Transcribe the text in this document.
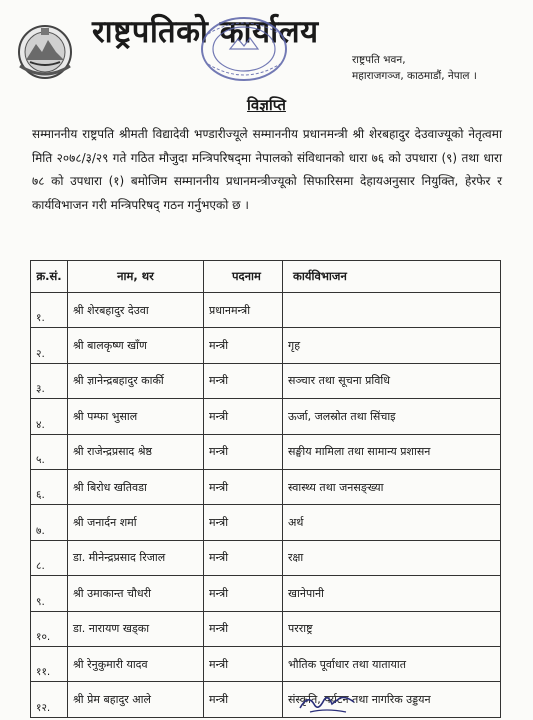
राष्ट्रपतिको कार्यालय
राष्ट्रपति भवन,
महाराजगञ्ज, काठमाडौं, नेपाल ।
विज्ञप्ति
सम्माननीय राष्ट्रपति श्रीमती विद्यादेवी भण्डारीज्यूले सम्माननीय प्रधानमन्त्री श्री शेरबहादुर देउवाज्यूको नेतृत्वमा मिति २०७८/३/२९ गते गठित मौजुदा मन्त्रिपरिषद्‌मा नेपालको संविधानको धारा ७६ को उपधारा (९) तथा धारा ७८ को उपधारा (१) बमोजिम सम्माननीय प्रधानमन्त्रीज्यूको सिफारिसमा देहायअनुसार नियुक्ति, हेरफेर र कार्यविभाजन गरी मन्त्रिपरिषद् गठन गर्नुभएको छ ।
क्र.सं.	नाम, थर	पदनाम	कार्यविभाजन
१.	श्री शेरबहादुर देउवा	प्रधानमन्त्री	
२.	श्री बालकृष्ण खाँण	मन्त्री	गृह
३.	श्री ज्ञानेन्द्रबहादुर कार्की	मन्त्री	सञ्चार तथा सूचना प्रविधि
४.	श्री पम्फा भुसाल	मन्त्री	ऊर्जा, जलस्रोत तथा सिंचाइ
५.	श्री राजेन्द्रप्रसाद श्रेष्ठ	मन्त्री	सङ्घीय मामिला तथा सामान्य प्रशासन
६.	श्री बिरोध खतिवडा	मन्त्री	स्वास्थ्य तथा जनसङ्ख्या
७.	श्री जनार्दन शर्मा	मन्त्री	अर्थ
८.	डा. मीनेन्द्रप्रसाद रिजाल	मन्त्री	रक्षा
९.	श्री उमाकान्त चौधरी	मन्त्री	खानेपानी
१०.	डा. नारायण खड्का	मन्त्री	परराष्ट्र
११.	श्री रेनुकुमारी यादव	मन्त्री	भौतिक पूर्वाधार तथा यातायात
१२.	श्री प्रेम बहादुर आले	मन्त्री	संस्कृति, पर्यटन तथा नागरिक उड्डयन
